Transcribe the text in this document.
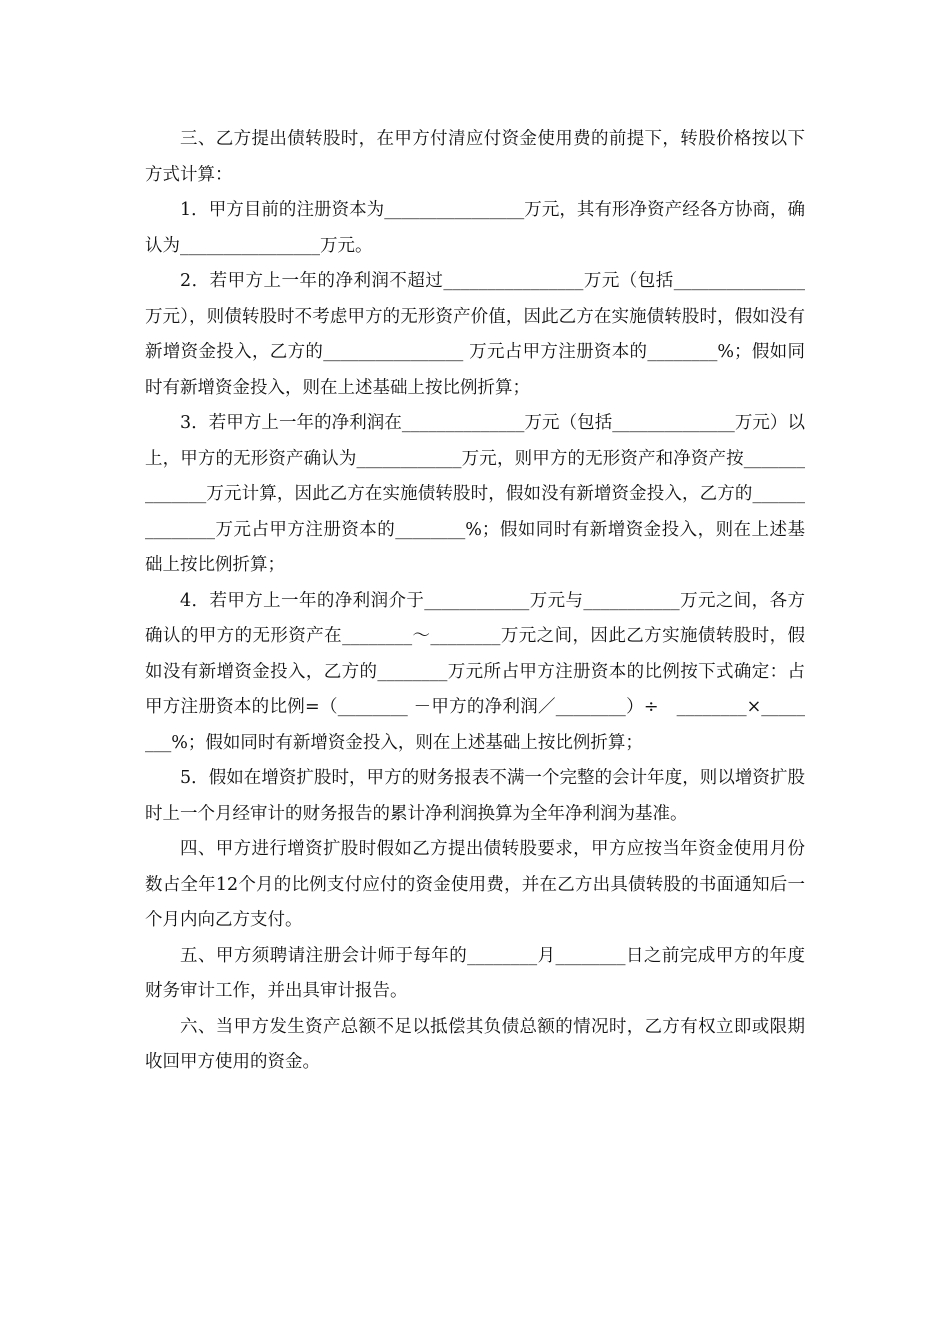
三、乙方提出债转股时，在甲方付清应付资金使用费的前提下，转股价格按以下方式计算：

1．甲方目前的注册资本为________________万元，其有形净资产经各方协商，确认为________________万元。

2．若甲方上一年的净利润不超过________________万元（包括_______________万元），则债转股时不考虑甲方的无形资产价值，因此乙方在实施债转股时，假如没有新增资金投入，乙方的________________ 万元占甲方注册资本的________%；假如同时有新增资金投入，则在上述基础上按比例折算；

3．若甲方上一年的净利润在______________万元（包括______________万元）以上，甲方的无形资产确认为____________万元，则甲方的无形资产和净资产按______________万元计算，因此乙方在实施债转股时，假如没有新增资金投入，乙方的______________万元占甲方注册资本的________%；假如同时有新增资金投入，则在上述基础上按比例折算；

4．若甲方上一年的净利润介于____________万元与___________万元之间，各方确认的甲方的无形资产在________～________万元之间，因此乙方实施债转股时，假如没有新增资金投入，乙方的________万元所占甲方注册资本的比例按下式确定：占甲方注册资本的比例=（________ －甲方的净利润／________）÷　________×________%；假如同时有新增资金投入，则在上述基础上按比例折算；

5．假如在增资扩股时，甲方的财务报表不满一个完整的会计年度，则以增资扩股时上一个月经审计的财务报告的累计净利润换算为全年净利润为基准。

四、甲方进行增资扩股时假如乙方提出债转股要求，甲方应按当年资金使用月份数占全年12个月的比例支付应付的资金使用费，并在乙方出具债转股的书面通知后一个月内向乙方支付。

五、甲方须聘请注册会计师于每年的________月________日之前完成甲方的年度财务审计工作，并出具审计报告。

六、当甲方发生资产总额不足以抵偿其负债总额的情况时，乙方有权立即或限期收回甲方使用的资金。
